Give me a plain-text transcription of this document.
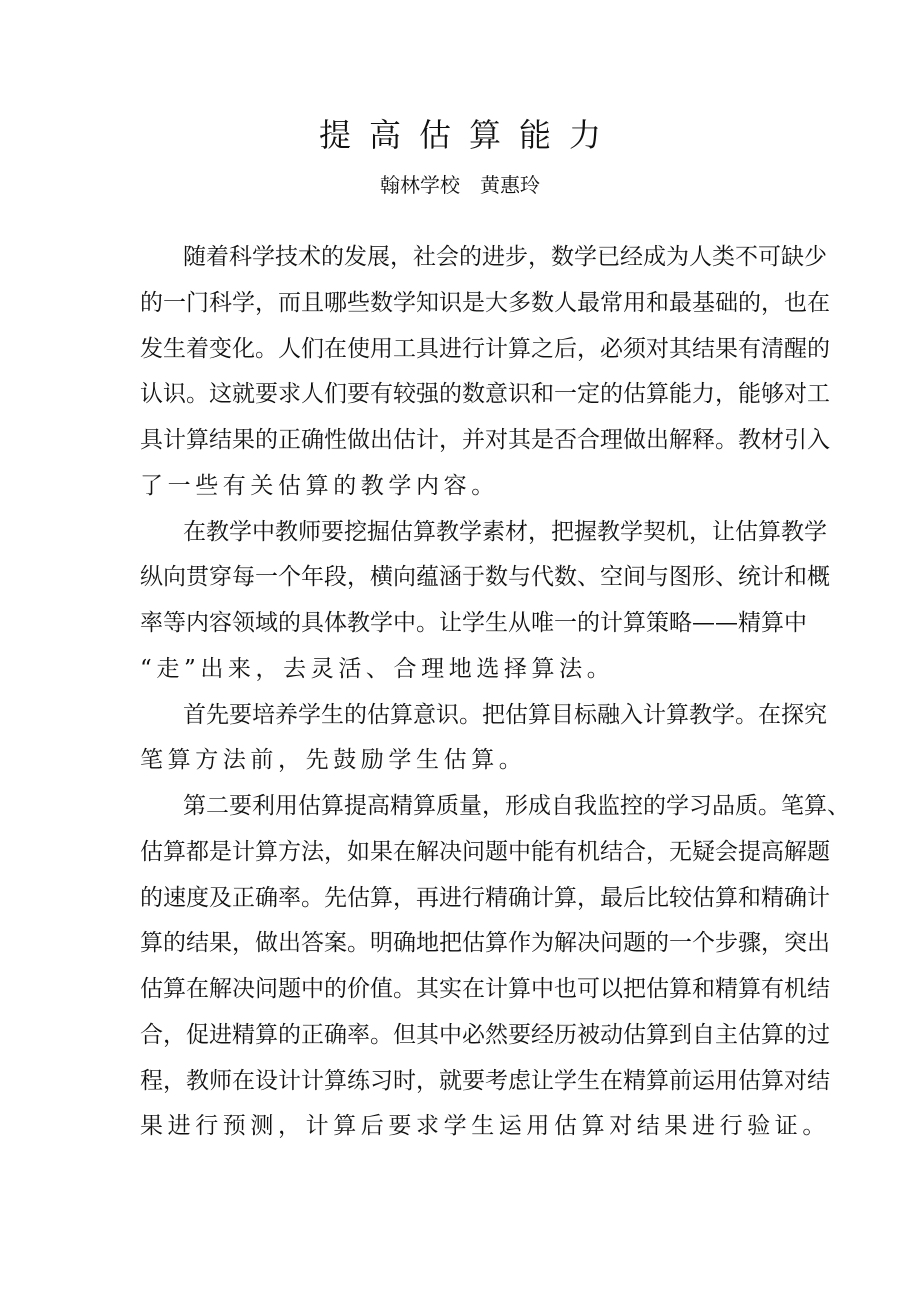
提高估算能力
翰林学校　黄惠玲
随着科学技术的发展，社会的进步，数学已经成为人类不可缺少
的一门科学，而且哪些数学知识是大多数人最常用和最基础的，也在
发生着变化。人们在使用工具进行计算之后，必须对其结果有清醒的
认识。这就要求人们要有较强的数意识和一定的估算能力，能够对工
具计算结果的正确性做出估计，并对其是否合理做出解释。教材引入
了一些有关估算的教学内容。
在教学中教师要挖掘估算教学素材，把握教学契机，让估算教学
纵向贯穿每一个年段，横向蕴涵于数与代数、空间与图形、统计和概
率等内容领域的具体教学中。让学生从唯一的计算策略——精算中
“走”出来，去灵活、合理地选择算法。
首先要培养学生的估算意识。把估算目标融入计算教学。在探究
笔算方法前，先鼓励学生估算。
第二要利用估算提高精算质量，形成自我监控的学习品质。笔算、
估算都是计算方法，如果在解决问题中能有机结合，无疑会提高解题
的速度及正确率。先估算，再进行精确计算，最后比较估算和精确计
算的结果，做出答案。明确地把估算作为解决问题的一个步骤，突出
估算在解决问题中的价值。其实在计算中也可以把估算和精算有机结
合，促进精算的正确率。但其中必然要经历被动估算到自主估算的过
程，教师在设计计算练习时，就要考虑让学生在精算前运用估算对结
果进行预测，计算后要求学生运用估算对结果进行验证。
